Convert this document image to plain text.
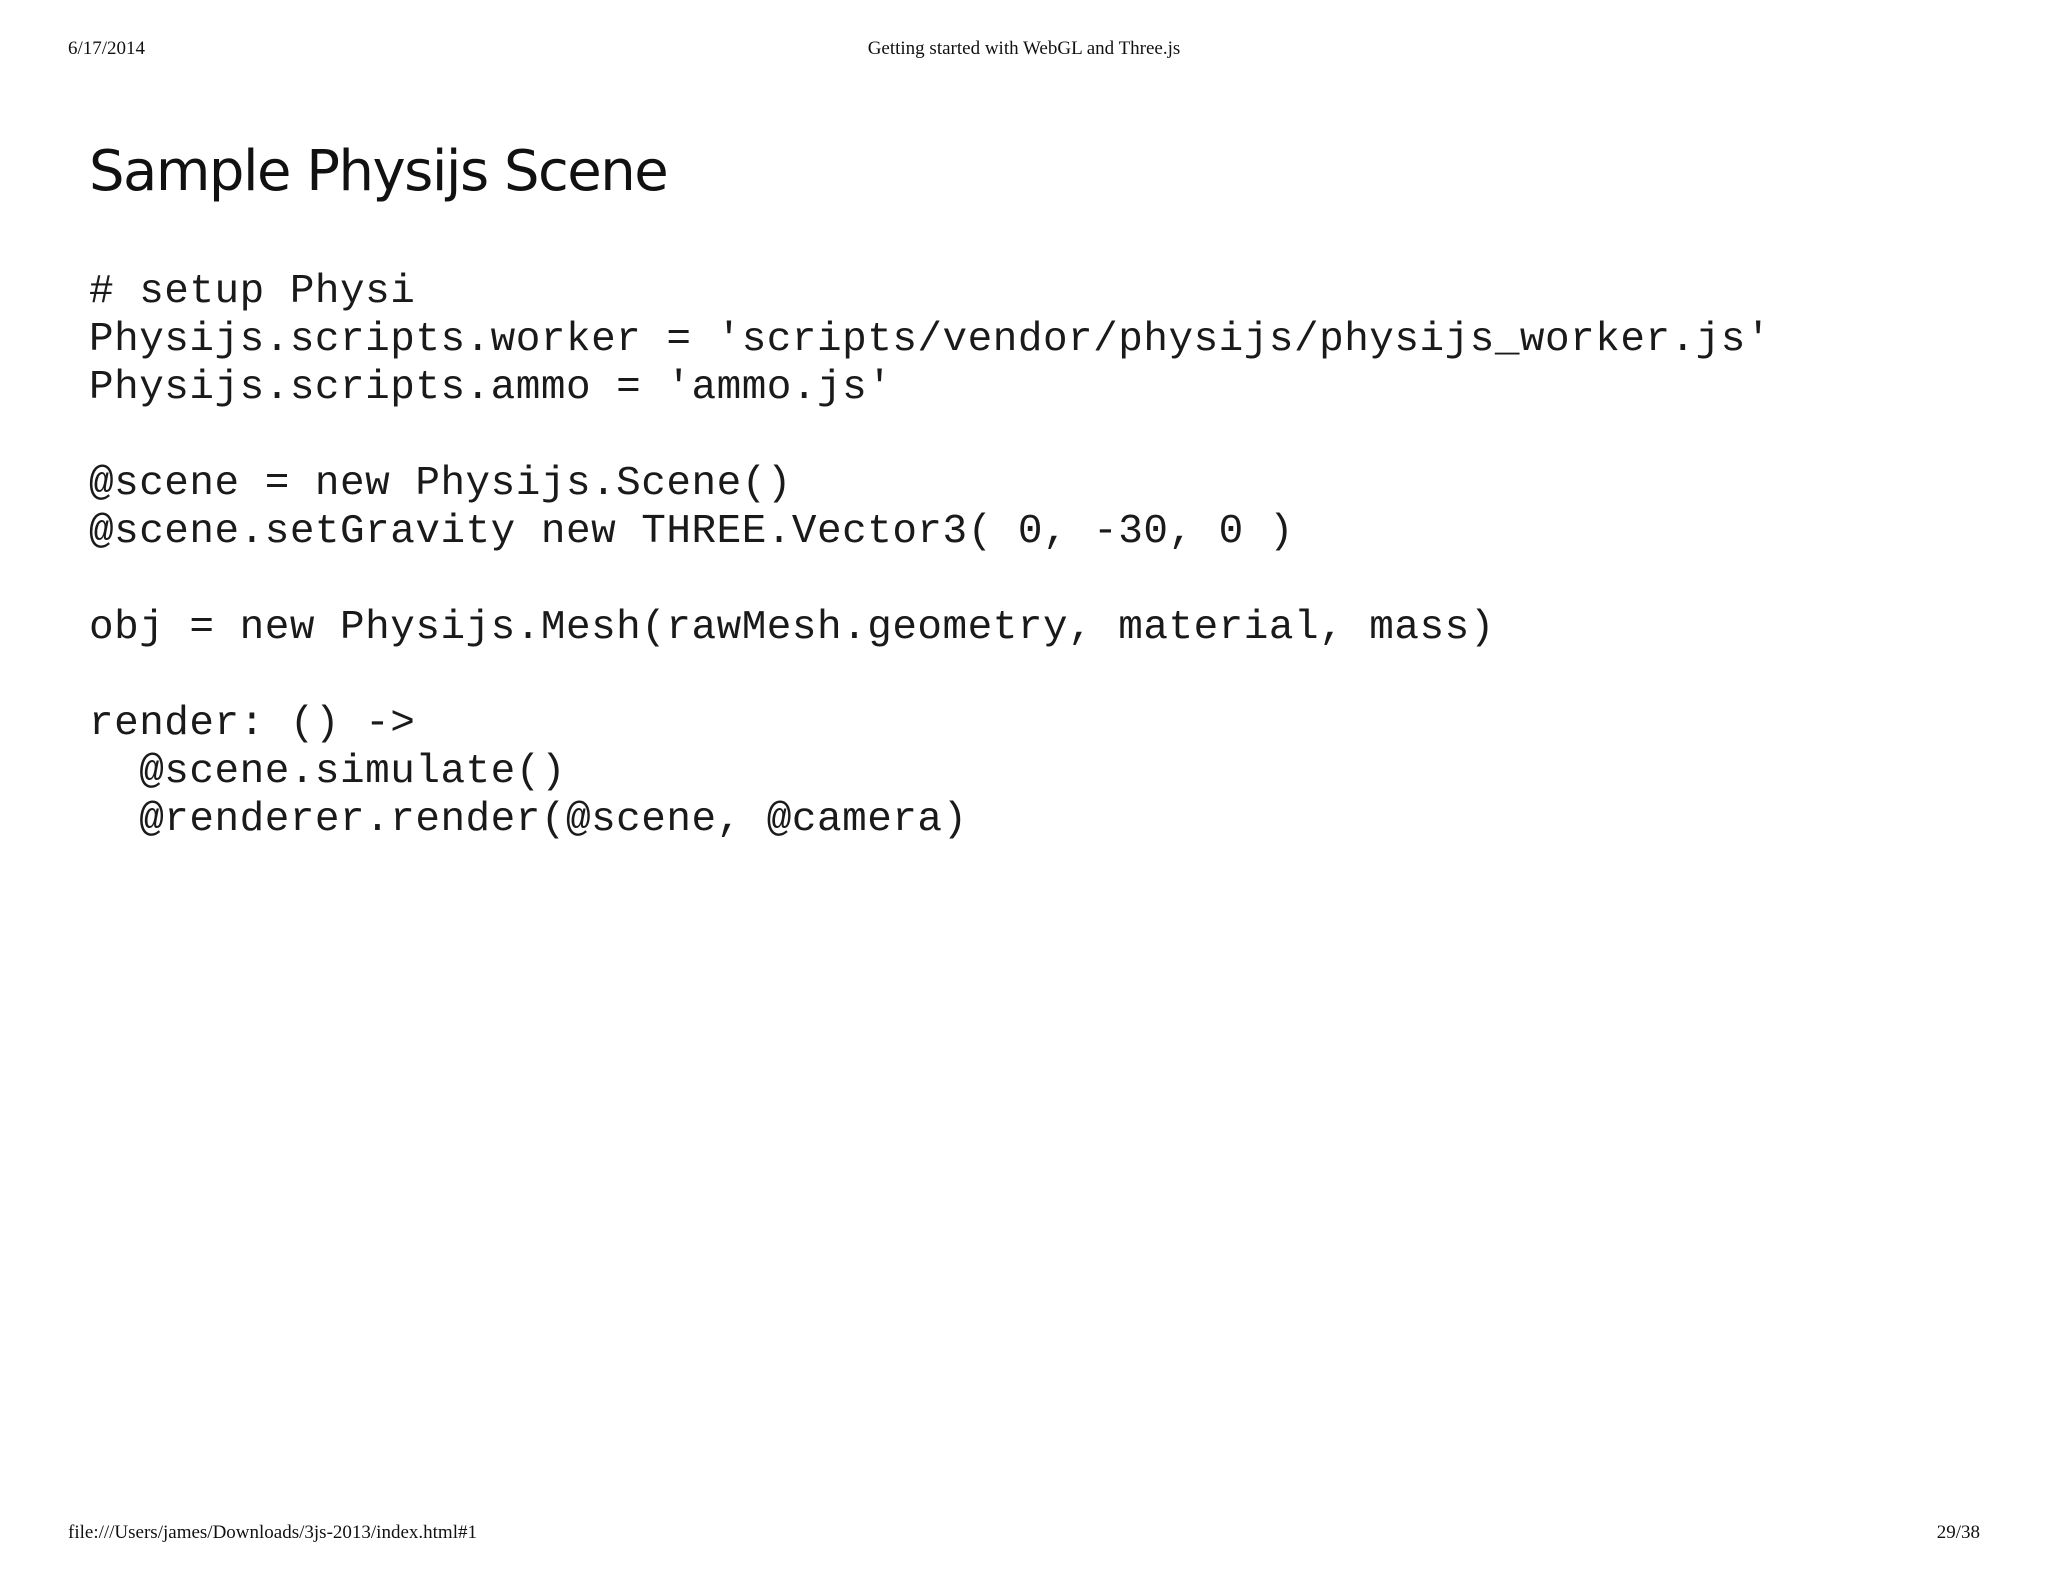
6/17/2014	Getting started with WebGL and Three.js
Sample Physijs Scene
# setup Physi
Physijs.scripts.worker = 'scripts/vendor/physijs/physijs_worker.js'
Physijs.scripts.ammo = 'ammo.js'
@scene = new Physijs.Scene()
@scene.setGravity new THREE.Vector3( 0, -30, 0 )
obj = new Physijs.Mesh(rawMesh.geometry, material, mass)
render: () ->
@scene.simulate()
@renderer.render(@scene, @camera)
file:///Users/james/Downloads/3js-2013/index.html#1	29/38
